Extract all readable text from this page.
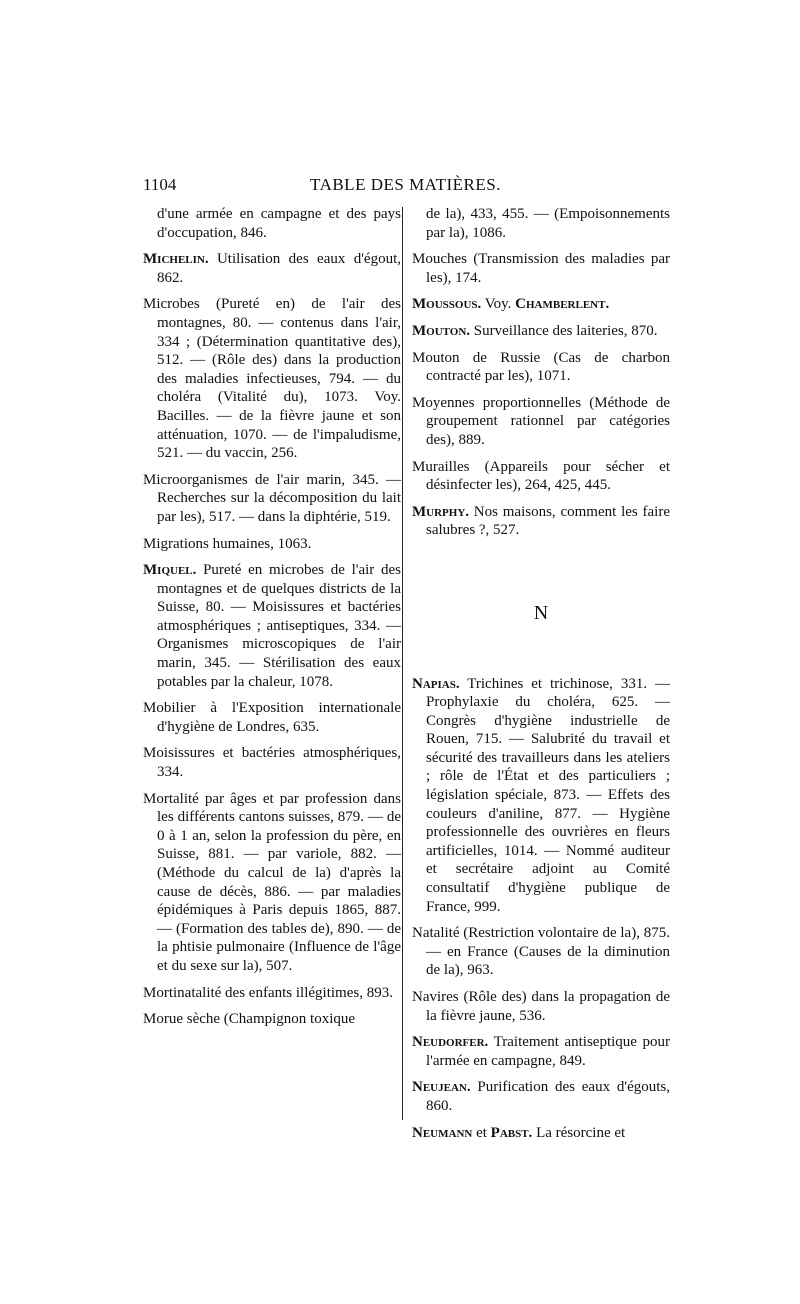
1104	TABLE DES MATIÈRES.

d'une armée en campagne et des pays d'occupation, 846.

Michelin. Utilisation des eaux d'égout, 862.

Microbes (Pureté en) de l'air des montagnes, 80. — contenus dans l'air, 334 ; (Détermination quantitative des), 512. — (Rôle des) dans la production des maladies infectieuses, 794. — du choléra (Vitalité du), 1073. Voy. Bacilles. — de la fièvre jaune et son atténuation, 1070. — de l'impaludisme, 521. — du vaccin, 256.

Microorganismes de l'air marin, 345. — Recherches sur la décomposition du lait par les), 517. — dans la diphtérie, 519.

Migrations humaines, 1063.

Miquel. Pureté en microbes de l'air des montagnes et de quelques districts de la Suisse, 80. — Moisissures et bactéries atmosphériques ; antiseptiques, 334. — Organismes microscopiques de l'air marin, 345. — Stérilisation des eaux potables par la chaleur, 1078.

Mobilier à l'Exposition internationale d'hygiène de Londres, 635.

Moisissures et bactéries atmosphériques, 334.

Mortalité par âges et par profession dans les différents cantons suisses, 879. — de 0 à 1 an, selon la profession du père, en Suisse, 881. — par variole, 882. — (Méthode du calcul de la) d'après la cause de décès, 886. — par maladies épidémiques à Paris depuis 1865, 887. — (Formation des tables de), 890. — de la phtisie pulmonaire (Influence de l'âge et du sexe sur la), 507.

Mortinatalité des enfants illégitimes, 893.

Morue sèche (Champignon toxique

de la), 433, 455. — (Empoisonnements par la), 1086.

Mouches (Transmission des maladies par les), 174.

Moussous. Voy. Chamberlent.

Mouton. Surveillance des laiteries, 870.

Mouton de Russie (Cas de charbon contracté par les), 1071.

Moyennes proportionnelles (Méthode de groupement rationnel par catégories des), 889.

Murailles (Appareils pour sécher et désinfecter les), 264, 425, 445.

Murphy. Nos maisons, comment les faire salubres ?, 527.

N

Napias. Trichines et trichinose, 331. — Prophylaxie du choléra, 625. — Congrès d'hygiène industrielle de Rouen, 715. — Salubrité du travail et sécurité des travailleurs dans les ateliers ; rôle de l'État et des particuliers ; législation spéciale, 873. — Effets des couleurs d'aniline, 877. — Hygiène professionnelle des ouvrières en fleurs artificielles, 1014. — Nommé auditeur et secrétaire adjoint au Comité consultatif d'hygiène publique de France, 999.

Natalité (Restriction volontaire de la), 875. — en France (Causes de la diminution de la), 963.

Navires (Rôle des) dans la propagation de la fièvre jaune, 536.

Neudorfer. Traitement antiseptique pour l'armée en campagne, 849.

Neujean. Purification des eaux d'égouts, 860.

Neumann et Pabst. La résorcine et
